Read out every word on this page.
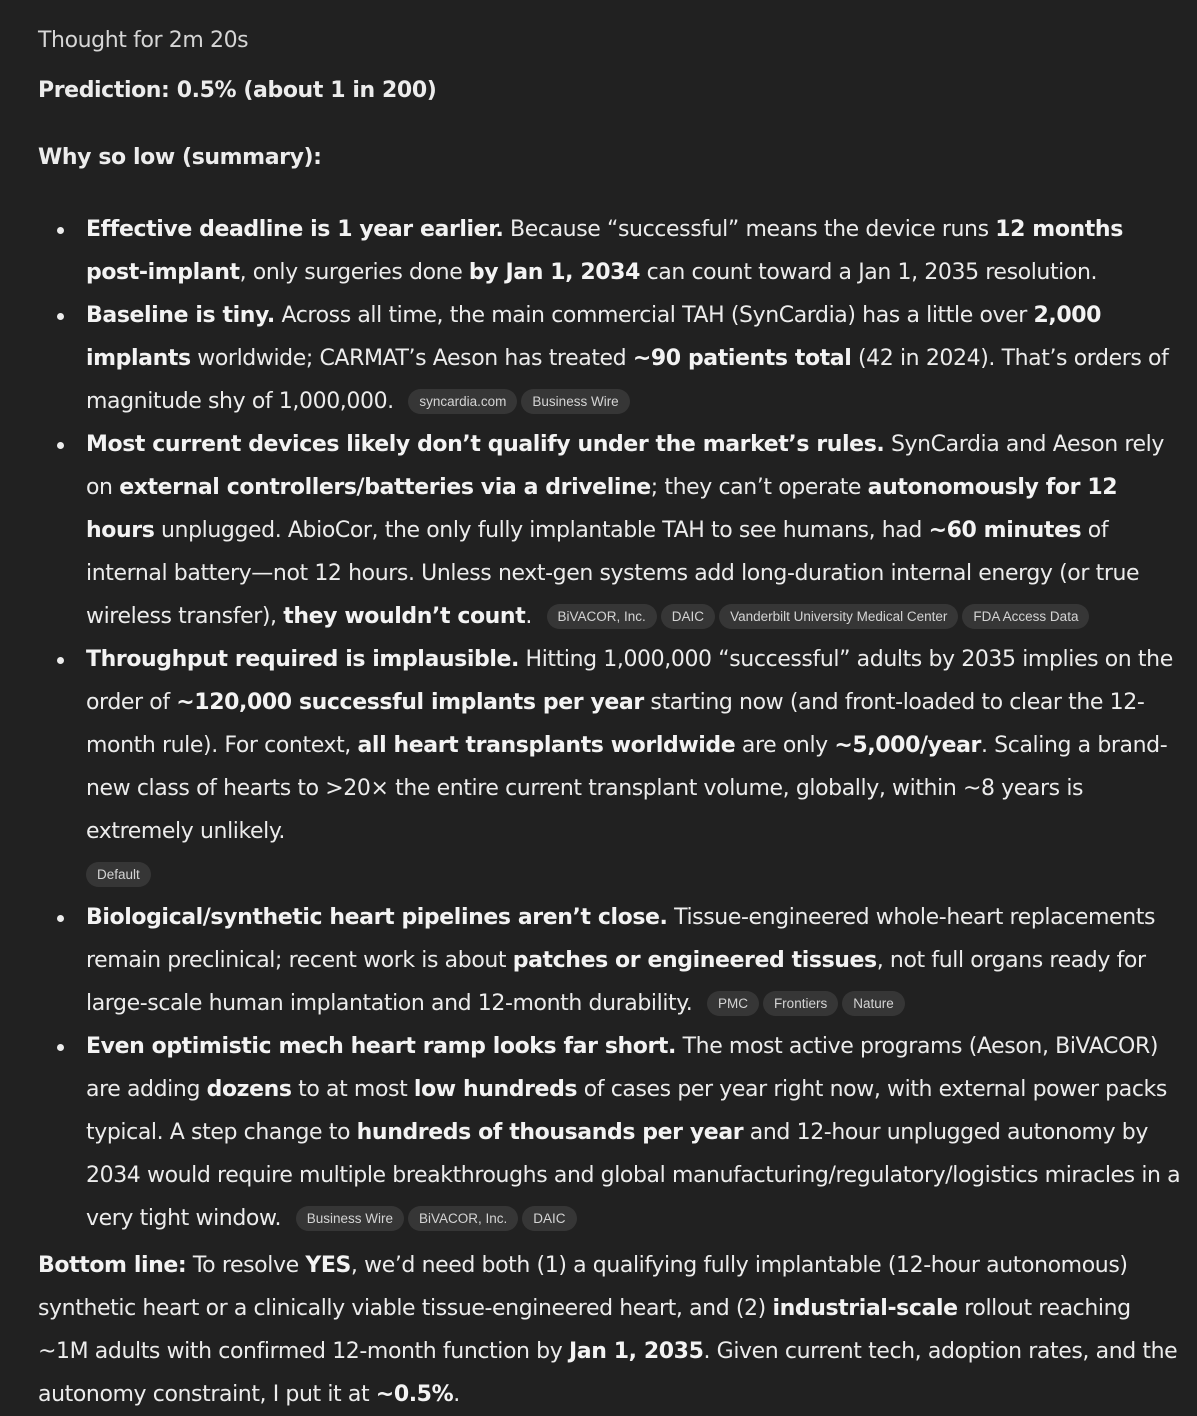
Thought for 2m 20s
Prediction: 0.5% (about 1 in 200)
Why so low (summary):
Effective deadline is 1 year earlier. Because “successful” means the device runs 12 months post-implant, only surgeries done by Jan 1, 2034 can count toward a Jan 1, 2035 resolution.
Baseline is tiny. Across all time, the main commercial TAH (SynCardia) has a little over 2,000 implants worldwide; CARMAT’s Aeson has treated ~90 patients total (42 in 2024). That’s orders of magnitude shy of 1,000,000. syncardia.com Business Wire
Most current devices likely don’t qualify under the market’s rules. SynCardia and Aeson rely on external controllers/batteries via a driveline; they can’t operate autonomously for 12 hours unplugged. AbioCor, the only fully implantable TAH to see humans, had ~60 minutes of internal battery—not 12 hours. Unless next-gen systems add long-duration internal energy (or true wireless transfer), they wouldn’t count. BiVACOR, Inc. DAIC Vanderbilt University Medical Center FDA Access Data
Throughput required is implausible. Hitting 1,000,000 “successful” adults by 2035 implies on the order of ~120,000 successful implants per year starting now (and front-loaded to clear the 12-month rule). For context, all heart transplants worldwide are only ~5,000/year. Scaling a brand-new class of hearts to >20× the entire current transplant volume, globally, within ~8 years is extremely unlikely.
Default
Biological/synthetic heart pipelines aren’t close. Tissue-engineered whole-heart replacements remain preclinical; recent work is about patches or engineered tissues, not full organs ready for large-scale human implantation and 12-month durability. PMC Frontiers Nature
Even optimistic mech heart ramp looks far short. The most active programs (Aeson, BiVACOR) are adding dozens to at most low hundreds of cases per year right now, with external power packs typical. A step change to hundreds of thousands per year and 12-hour unplugged autonomy by 2034 would require multiple breakthroughs and global manufacturing/regulatory/logistics miracles in a very tight window. Business Wire BiVACOR, Inc. DAIC
Bottom line: To resolve YES, we’d need both (1) a qualifying fully implantable (12-hour autonomous) synthetic heart or a clinically viable tissue-engineered heart, and (2) industrial-scale rollout reaching ~1M adults with confirmed 12-month function by Jan 1, 2035. Given current tech, adoption rates, and the autonomy constraint, I put it at ~0.5%.
